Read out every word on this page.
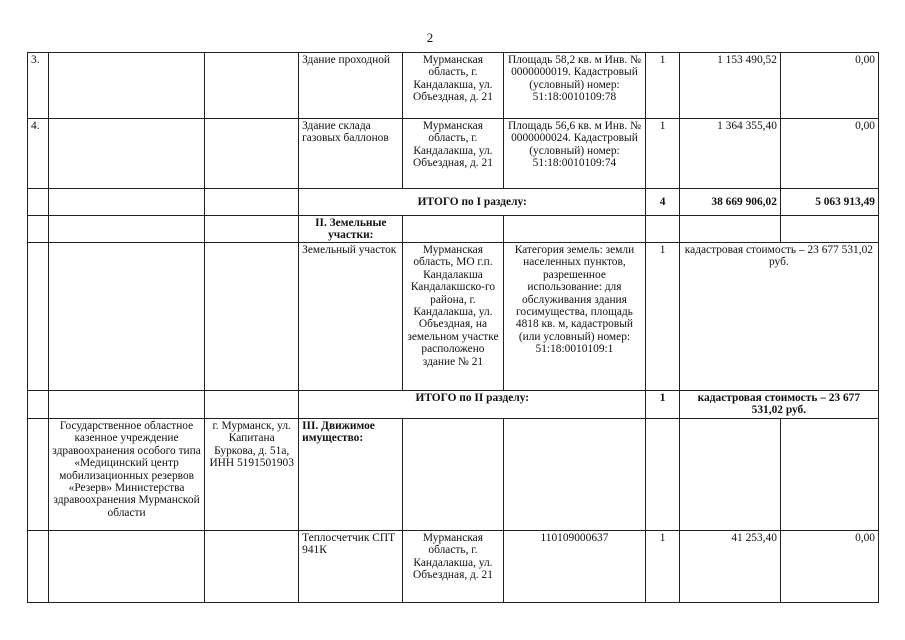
2
3.			Здание проходной	Мурманская область, г. Кандалакша, ул. Объездная, д. 21	Площадь 58,2 кв. м Инв. № 0000000019. Кадастровый (условный) номер: 51:18:0010109:78	1	1 153 490,52	0,00
4.			Здание склада газовых баллонов	Мурманская область, г. Кандалакша, ул. Объездная, д. 21	Площадь 56,6 кв. м Инв. № 0000000024. Кадастровый (условный) номер: 51:18:0010109:74	1	1 364 355,40	0,00
			ИТОГО по I разделу:			4	38 669 906,02	5 063 913,49
			II. Земельные участки:					
			Земельный участок	Мурманская область, МО г.п. Кандалакша Кандалакшско-го района, г. Кандалакша, ул. Объездная, на земельном участке расположено здание № 21	Категория земель: земли населенных пунктов, разрешенное использование: для обслуживания здания госимущества, площадь 4818 кв. м, кадастровый (или условный) номер: 51:18:0010109:1	1	кадастровая стоимость – 23 677 531,02 руб.	
			ИТОГО по II разделу:			1	кадастровая стоимость – 23 677 531,02 руб.	
	Государственное областное казенное учреждение здравоохранения особого типа «Медицинский центр мобилизационных резервов «Резерв» Министерства здравоохранения Мурманской области	г. Мурманск, ул. Капитана Буркова, д. 51а, ИНН 5191501903	III. Движимое имущество:					
			Теплосчетчик СПТ 941К	Мурманская область, г. Кандалакша, ул. Объездная, д. 21	110109000637	1	41 253,40	0,00
